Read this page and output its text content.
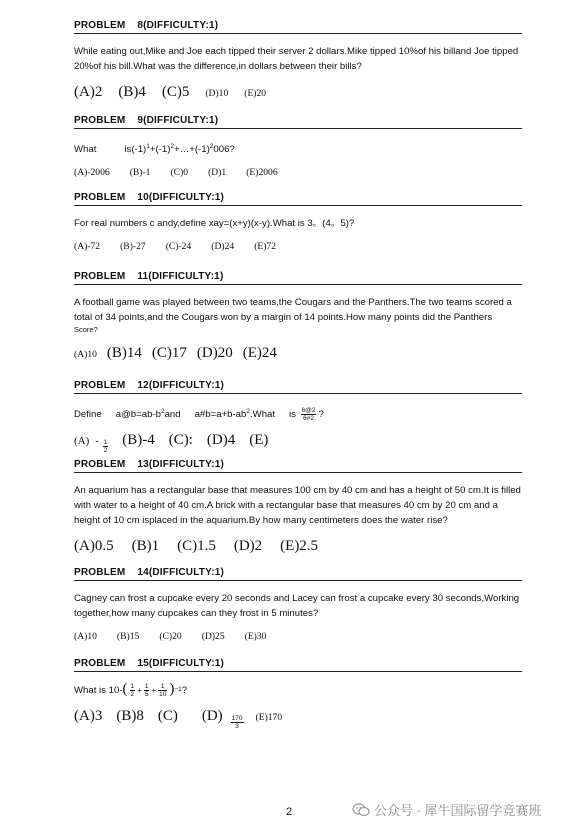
PROBLEM    8(DIFFICULTY:1)
While eating out,Mike and Joe each tipped their server 2 dollars.Mike tipped 10%of his billand Joe tipped 20%of his bill.What was the difference,in dollars between their bills?
(A)2 (B)4 (C)5 (D)10 (E)20
PROBLEM    9(DIFFICULTY:1)
What	$is(-1)^1+(-1)^2+\dots+(-1)^2006$?
(A)-2006 (B)-1 (C)0 (D)1 (E)2006
PROBLEM    10(DIFFICULTY:1)
For real numbers c andy,define xay=(x+y)(x-y).What is 3。(4。5)?
(A)-72 (B)-27 (C)-24 (D)24 (E)72
PROBLEM    11(DIFFICULTY:1)
A football game was played between two teams,the Cougars and the Panthers.The two teams scored a total of 34 points,and the Cougars won by a margin of 14 points.How many points did the Panthers
Score?
(A)10 (B)14 (C)17 (D)20 (E)24
PROBLEM    12(DIFFICULTY:1)
Define $a@b=ab-b^2and$ $a\#b=a+b-ab^2.What$ is $\frac{6@2}{6\#2}$ ?
$(A) - \frac{1}{2} (B)-4$ (C): (D)4 (E)
PROBLEM    13(DIFFICULTY:1)
An aquarium has a rectangular base that measures 100 cm by 40 cm and has a height of 50 cm.It is filled with water to a height of 40 cm.A brick with a rectangular base that measures 40 cm by 20 cm and a height of 10 cm isplaced in the aquarium.By how many centimeters does the water rise?
(A)0.5 (B)1 (C)1.5 (D)2 (E)2.5
PROBLEM    14(DIFFICULTY:1)
Cagney can frost a cupcake every 20 seconds and Lacey can frost a cupcake every 30 seconds,Working together,how many cupcakes can they frost in 5 minutes?
(A)10 (B)15 (C)20 (D)25 (E)30
PROBLEM    15(DIFFICULTY:1)
What is $10-( \frac{1}{2} + \frac{1}{5} + \frac{1}{10} )^{-1}$?
(A)3 (B)8 (C) $(D) \frac{170}{3} (E)170$
2	公众号 · 犀牛国际留学竞赛班
